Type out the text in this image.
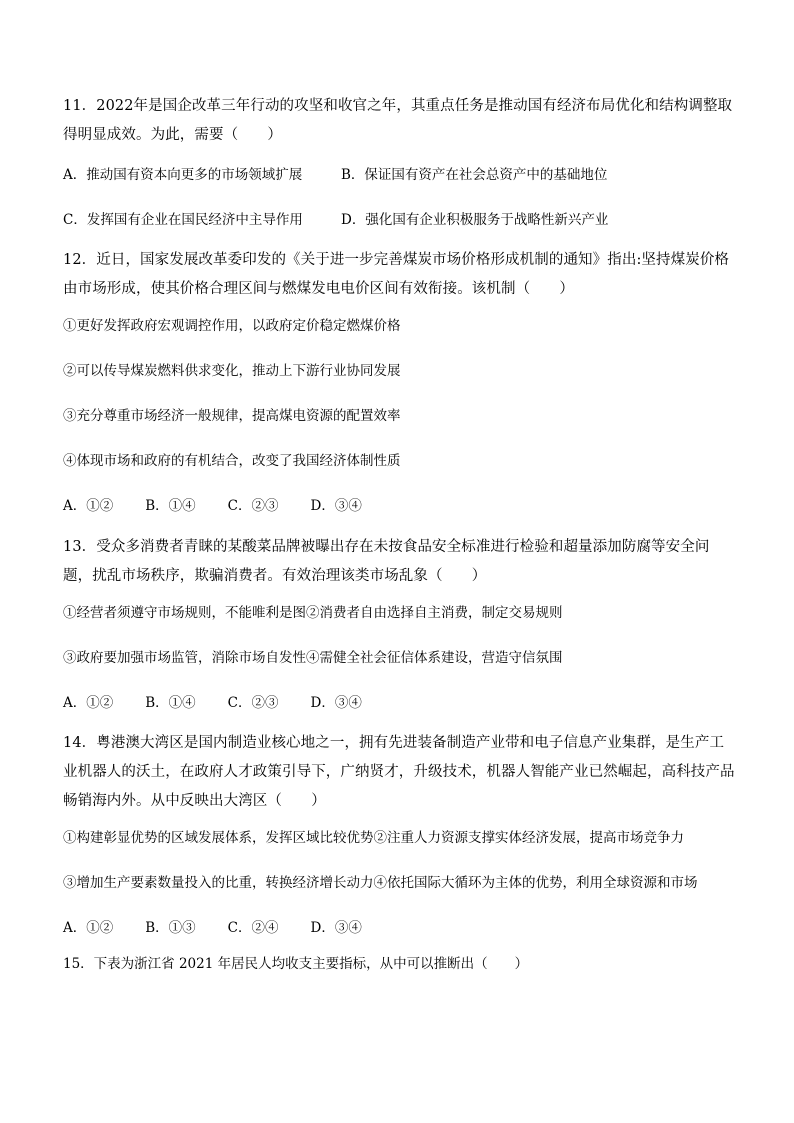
11．2022年是国企改革三年行动的攻坚和收官之年，其重点任务是推动国有经济布局优化和结构调整取得明显成效。为此，需要（　　）
A．推动国有资本向更多的市场领域扩展	B．保证国有资产在社会总资产中的基础地位
C．发挥国有企业在国民经济中主导作用	D．强化国有企业积极服务于战略性新兴产业
12．近日，国家发展改革委印发的《关于进一步完善煤炭市场价格形成机制的通知》指出:坚持煤炭价格由市场形成，使其价格合理区间与燃煤发电电价区间有效衔接。该机制（　　）
①更好发挥政府宏观调控作用，以政府定价稳定燃煤价格
②可以传导煤炭燃料供求变化，推动上下游行业协同发展
③充分尊重市场经济一般规律，提高煤电资源的配置效率
④体现市场和政府的有机结合，改变了我国经济体制性质
A．①② B．①④ C．②③ D．③④
13．受众多消费者青睐的某酸菜品牌被曝出存在未按食品安全标准进行检验和超量添加防腐等安全问题，扰乱市场秩序，欺骗消费者。有效治理该类市场乱象（　　）
①经营者须遵守市场规则，不能唯利是图②消费者自由选择自主消费，制定交易规则
③政府要加强市场监管，消除市场自发性④需健全社会征信体系建设，营造守信氛围
A．①② B．①④ C．②③ D．③④
14．粤港澳大湾区是国内制造业核心地之一，拥有先进装备制造产业带和电子信息产业集群，是生产工业机器人的沃土，在政府人才政策引导下，广纳贤才，升级技术，机器人智能产业已然崛起，高科技产品畅销海内外。从中反映出大湾区（　　）
①构建彰显优势的区域发展体系，发挥区域比较优势②注重人力资源支撑实体经济发展，提高市场竞争力
③增加生产要素数量投入的比重，转换经济增长动力④依托国际大循环为主体的优势，利用全球资源和市场
A．①② B．①③ C．②④ D．③④
15．下表为浙江省 2021 年居民人均收支主要指标，从中可以推断出（　　）
